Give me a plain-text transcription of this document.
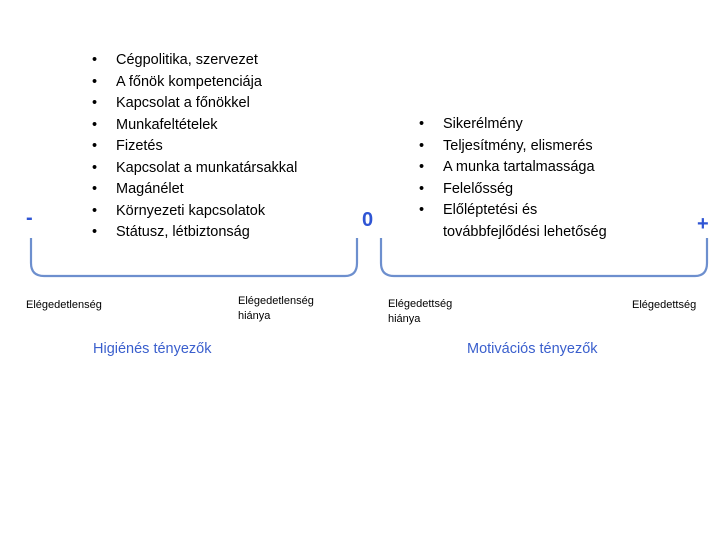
• Cégpolitika, szervezet
• A főnök kompetenciája
• Kapcsolat a főnökkel
• Munkafeltételek
• Fizetés
• Kapcsolat a munkatársakkal
• Magánélet
• Környezeti kapcsolatok
• Státusz, létbiztonság
• Sikerélmény
• Teljesítmény, elismerés
• A munka tartalmassága
• Felelősség
• Előléptetési és
továbbfejlődési lehetőség
-	0	+
Elégedetlenség	Elégedetlenség
hiánya
Elégedettség
hiánya
Elégedettség
Higiénés tényezők	Motivációs tényezők
